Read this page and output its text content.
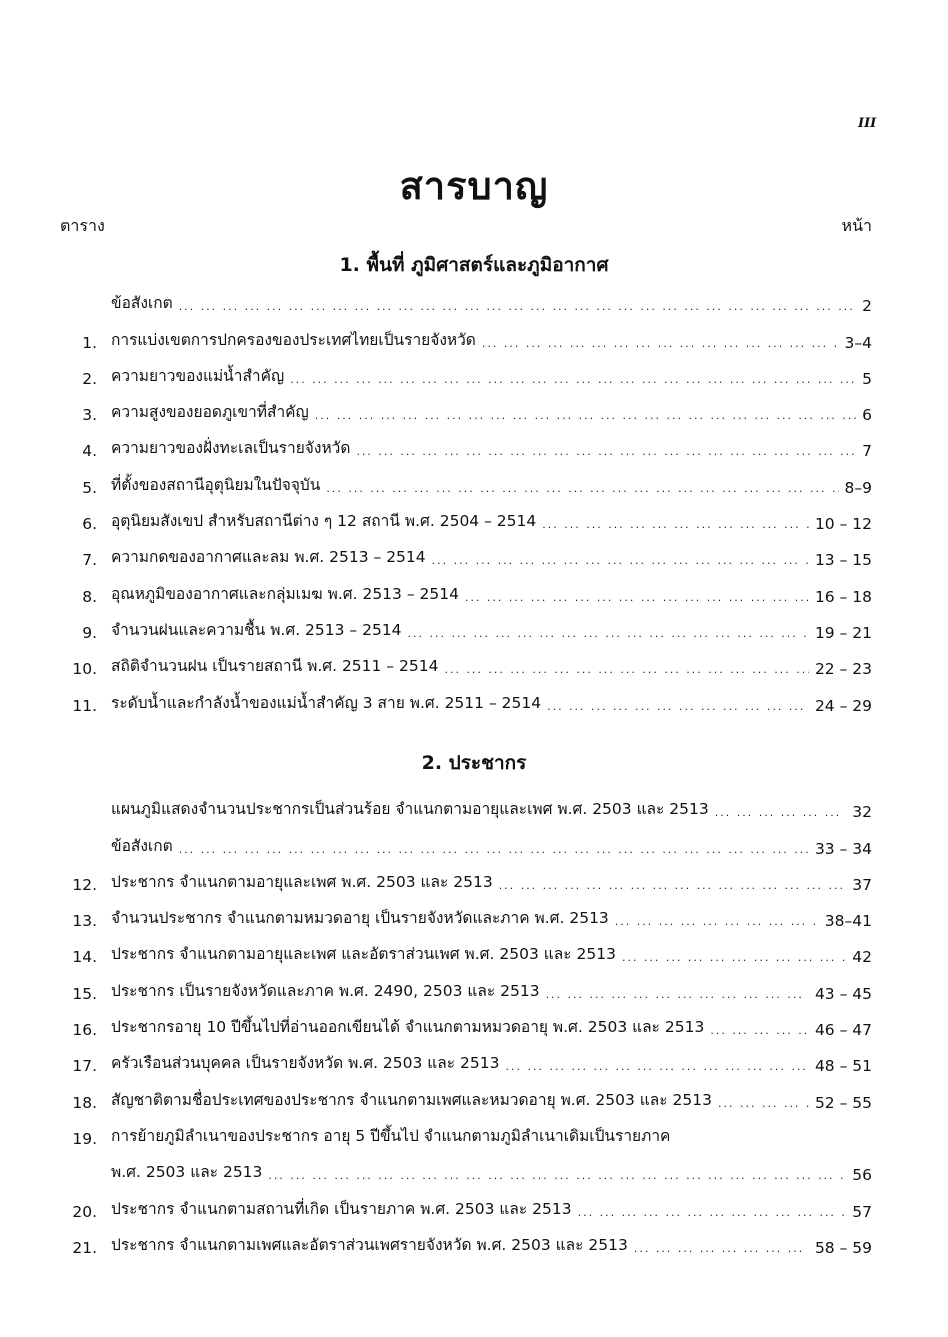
III
สารบาญ
ตาราง	หน้า
1. พื้นที่ ภูมิศาสตร์และภูมิอากาศ
ข้อสังเกต ... .	2
1. การแบ่งเขตการปกครองของประเทศไทยเป็นรายจังหวัด ... .	3–4
2. ความยาวของแม่น้ำสำคัญ ... .	5
3. ความสูงของยอดภูเขาที่สำคัญ ... .	6
4. ความยาวของฝั่งทะเลเป็นรายจังหวัด ... .	7
5. ที่ตั้งของสถานีอุตุนิยมในปัจจุบัน ... .	8–9
6. อุตุนิยมสังเขป สำหรับสถานีต่าง ๆ 12 สถานี พ.ศ. 2504 – 2514 ... .	10 – 12
7. ความกดของอากาศและลม พ.ศ. 2513 – 2514 ... .	13 – 15
8. อุณหภูมิของอากาศและกลุ่มเมฆ พ.ศ. 2513 – 2514 ... .	16 – 18
9. จำนวนฝนและความชื้น พ.ศ. 2513 – 2514 ... .	19 – 21
10. สถิติจำนวนฝน เป็นรายสถานี พ.ศ. 2511 – 2514 ... .	22 – 23
11. ระดับน้ำและกำลังน้ำของแม่น้ำสำคัญ 3 สาย พ.ศ. 2511 – 2514 ... .	24 – 29
2. ประชากร
แผนภูมิแสดงจำนวนประชากรเป็นส่วนร้อย จำแนกตามอายุและเพศ พ.ศ. 2503 และ 2513 ... .	32
ข้อสังเกต ... .	33 – 34
12. ประชากร จำแนกตามอายุและเพศ พ.ศ. 2503 และ 2513 ... .	37
13. จำนวนประชากร จำแนกตามหมวดอายุ เป็นรายจังหวัดและภาค พ.ศ. 2513 ... .	38–41
14. ประชากร จำแนกตามอายุและเพศ และอัตราส่วนเพศ พ.ศ. 2503 และ 2513 ... .	42
15. ประชากร เป็นรายจังหวัดและภาค พ.ศ. 2490, 2503 และ 2513 ... .	43 – 45
16. ประชากรอายุ 10 ปีขึ้นไปที่อ่านออกเขียนได้ จำแนกตามหมวดอายุ พ.ศ. 2503 และ 2513 ... .	46 – 47
17. ครัวเรือนส่วนบุคคล เป็นรายจังหวัด พ.ศ. 2503 และ 2513 ... .	48 – 51
18. สัญชาติตามชื่อประเทศของประชากร จำแนกตามเพศและหมวดอายุ พ.ศ. 2503 และ 2513 ... .	52 – 55
19. การย้ายภูมิลำเนาของประชากร อายุ 5 ปีขึ้นไป จำแนกตามภูมิลำเนาเดิมเป็นรายภาค
พ.ศ. 2503 และ 2513 ... .	56
20. ประชากร จำแนกตามสถานที่เกิด เป็นรายภาค พ.ศ. 2503 และ 2513 ... .	57
21. ประชากร จำแนกตามเพศและอัตราส่วนเพศรายจังหวัด พ.ศ. 2503 และ 2513 ... .	58 – 59
